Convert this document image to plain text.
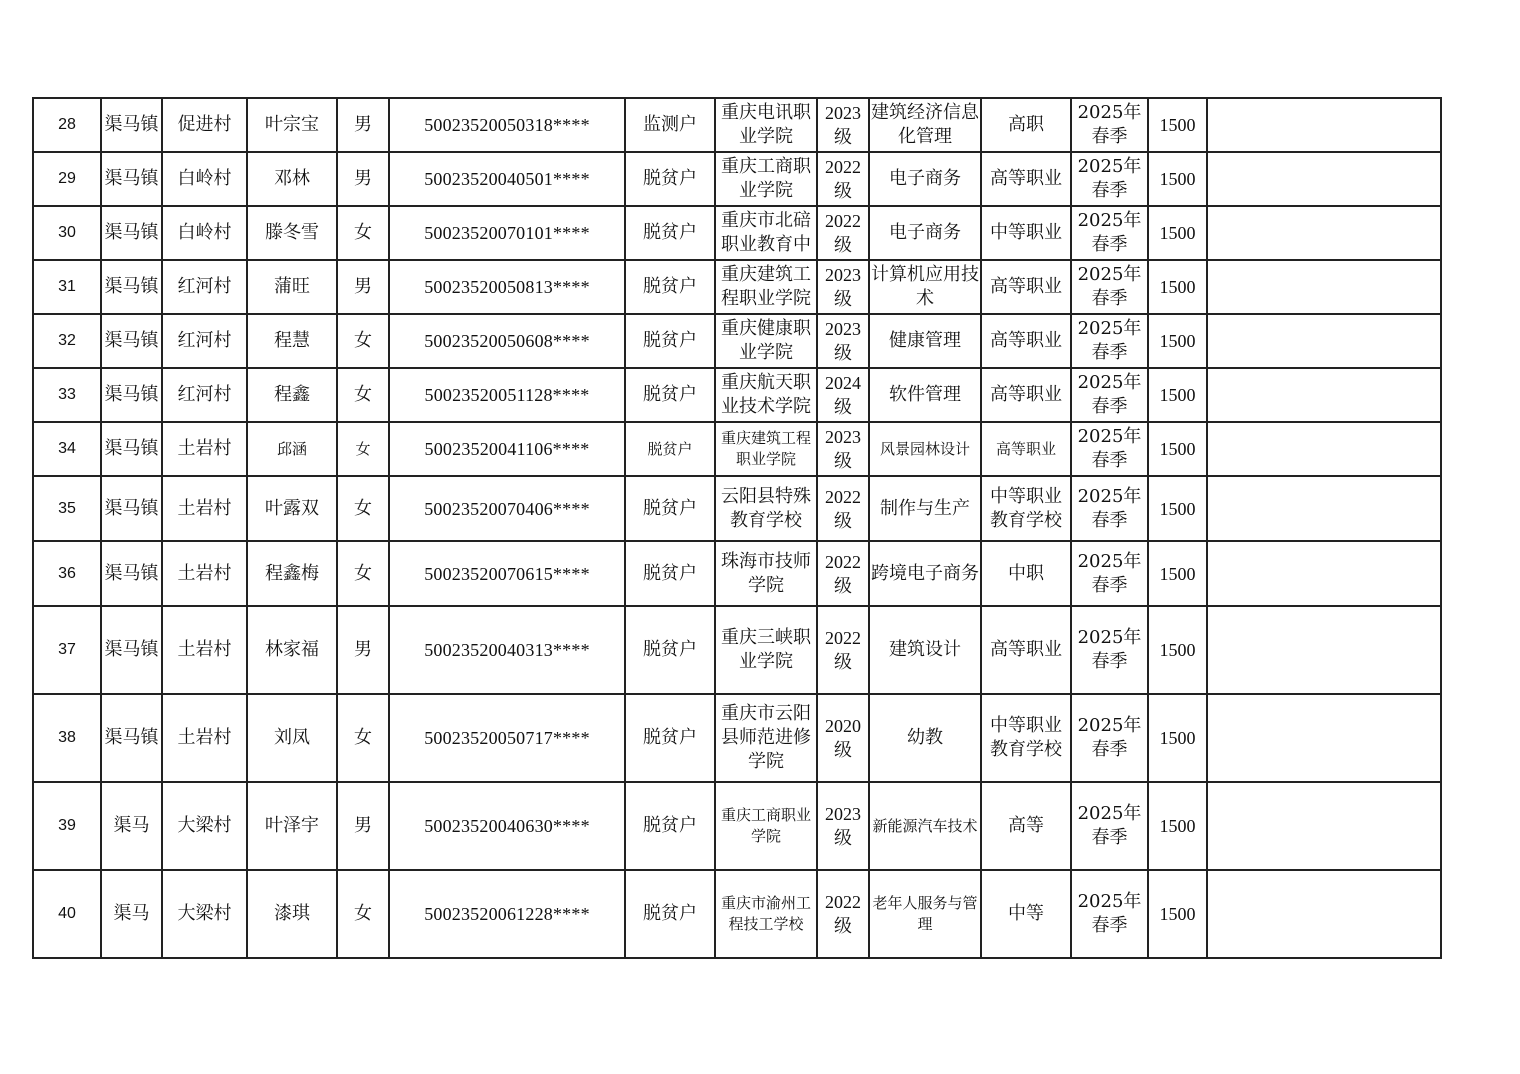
28	渠马镇	促进村	叶宗宝	男	50023520050318****	监测户	重庆电讯职业学院	2023级	建筑经济信息化管理	高职	2025年春季	1500	

29	渠马镇	白岭村	邓林	男	50023520040501****	脱贫户	重庆工商职业学院	2022级	电子商务	高等职业	2025年春季	1500	

30	渠马镇	白岭村	滕冬雪	女	50023520070101****	脱贫户	重庆市北碚职业教育中	2022级	电子商务	中等职业	2025年春季	1500	

31	渠马镇	红河村	蒲旺	男	50023520050813****	脱贫户	重庆建筑工程职业学院	2023级	计算机应用技术	高等职业	2025年春季	1500	

32	渠马镇	红河村	程慧	女	50023520050608****	脱贫户	重庆健康职业学院	2023级	健康管理	高等职业	2025年春季	1500	

33	渠马镇	红河村	程鑫	女	50023520051128****	脱贫户	重庆航天职业技术学院	2024级	软件管理	高等职业	2025年春季	1500	

34	渠马镇	土岩村	邱涵	女	50023520041106****	脱贫户	重庆建筑工程职业学院	2023级	风景园林设计	高等职业	2025年春季	1500	

35	渠马镇	土岩村	叶露双	女	50023520070406****	脱贫户	云阳县特殊教育学校	2022级	制作与生产	中等职业教育学校	2025年春季	1500	

36	渠马镇	土岩村	程鑫梅	女	50023520070615****	脱贫户	珠海市技师学院	2022级	跨境电子商务	中职	2025年春季	1500	

37	渠马镇	土岩村	林家福	男	50023520040313****	脱贫户	重庆三峡职业学院	2022级	建筑设计	高等职业	2025年春季	1500	

38	渠马镇	土岩村	刘凤	女	50023520050717****	脱贫户	重庆市云阳县师范进修学院	2020级	幼教	中等职业教育学校	2025年春季	1500	

39	渠马	大梁村	叶泽宇	男	50023520040630****	脱贫户	重庆工商职业学院	2023级	新能源汽车技术	高等	2025年春季	1500	

40	渠马	大梁村	漆琪	女	50023520061228****	脱贫户	重庆市渝州工程技工学校	2022级	老年人服务与管理	中等	2025年春季	1500	
